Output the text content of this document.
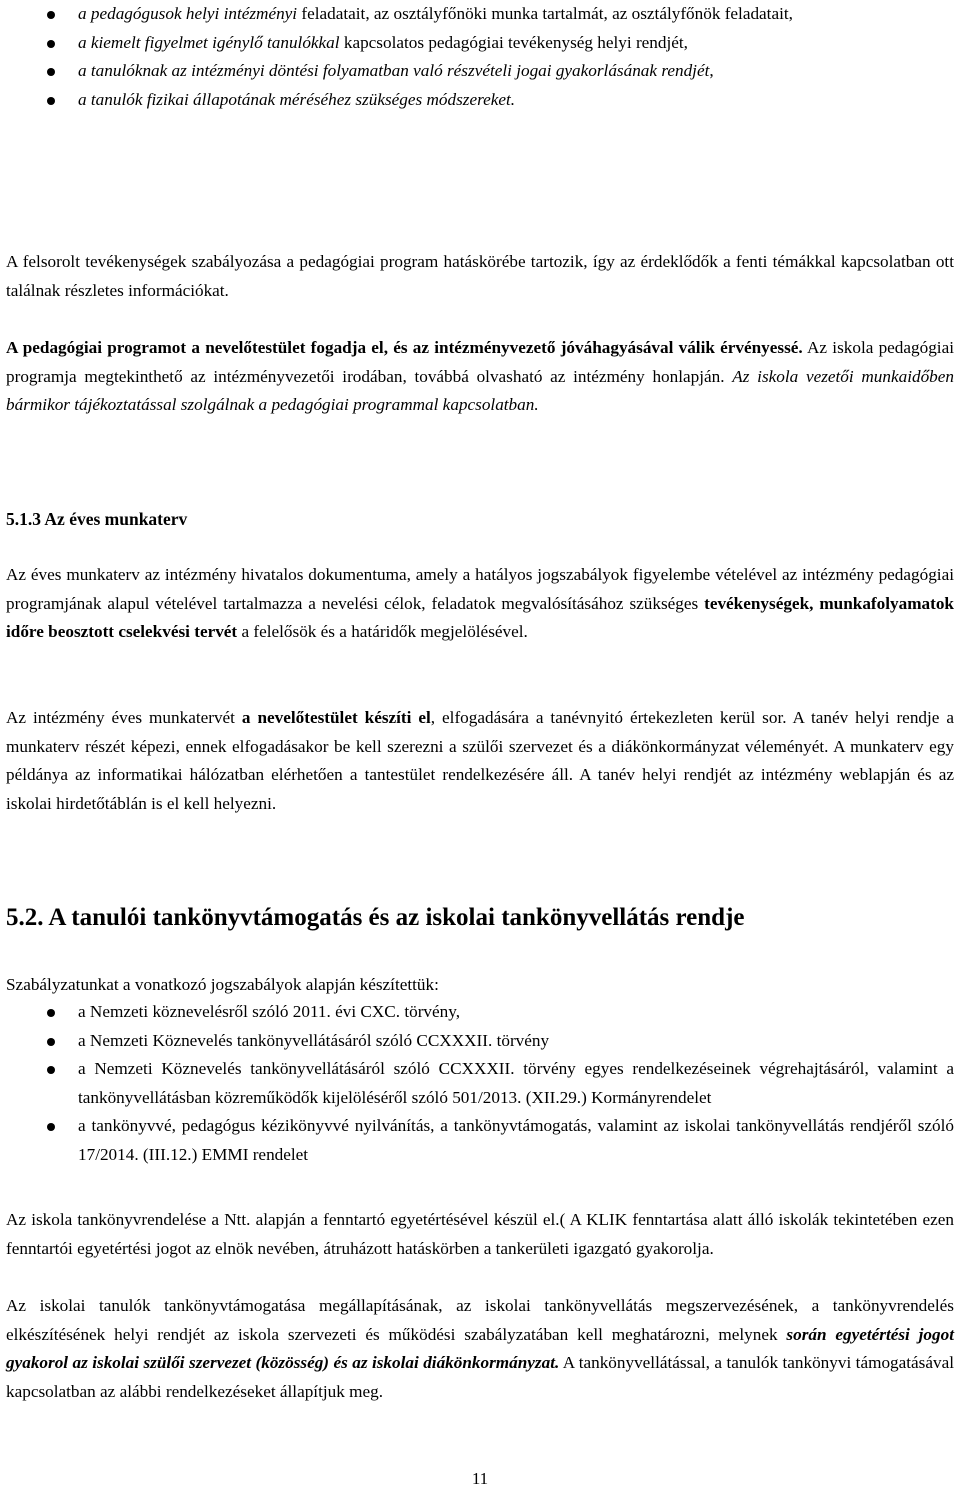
a pedagógusok helyi intézményi feladatait, az osztályfőnöki munka tartalmát, az osztályfőnök feladatait,
a kiemelt figyelmet igénylő tanulókkal kapcsolatos pedagógiai tevékenység helyi rendjét,
a tanulóknak az intézményi döntési folyamatban való részvételi jogai gyakorlásának rendjét,
a tanulók fizikai állapotának méréséhez szükséges módszereket.

A felsorolt tevékenységek szabályozása a pedagógiai program hatáskörébe tartozik, így az érdeklődők a fenti témákkal kapcsolatban ott találnak részletes információkat.

A pedagógiai programot a nevelőtestület fogadja el, és az intézményvezető jóváhagyásával válik érvényessé. Az iskola pedagógiai programja megtekinthető az intézményvezetői irodában, továbbá olvasható az intézmény honlapján. Az iskola vezetői munkaidőben bármikor tájékoztatással szolgálnak a pedagógiai programmal kapcsolatban.

5.1.3 Az éves munkaterv

Az éves munkaterv az intézmény hivatalos dokumentuma, amely a hatályos jogszabályok figyelembe vételével az intézmény pedagógiai programjának alapul vételével tartalmazza a nevelési célok, feladatok megvalósításához szükséges tevékenységek, munkafolyamatok időre beosztott cselekvési tervét a felelősök és a határidők megjelölésével.

Az intézmény éves munkatervét a nevelőtestület készíti el, elfogadására a tanévnyitó értekezleten kerül sor. A tanév helyi rendje a munkaterv részét képezi, ennek elfogadásakor be kell szerezni a szülői szervezet és a diákönkormányzat véleményét. A munkaterv egy példánya az informatikai hálózatban elérhetően a tantestület rendelkezésére áll. A tanév helyi rendjét az intézmény weblapján és az iskolai hirdetőtáblán is el kell helyezni.

5.2. A tanulói tankönyvtámogatás és az iskolai tankönyvellátás rendje
Szabályzatunkat a vonatkozó jogszabályok alapján készítettük:
a Nemzeti köznevelésről szóló 2011. évi CXC. törvény,
a Nemzeti Köznevelés tankönyvellátásáról szóló CCXXXII. törvény
a Nemzeti Köznevelés tankönyvellátásáról szóló CCXXXII. törvény egyes rendelkezéseinek végrehajtásáról, valamint a tankönyvellátásban közreműködők kijelöléséről szóló 501/2013. (XII.29.) Kormányrendelet
a tankönyvvé, pedagógus kézikönyvvé nyilvánítás, a tankönyvtámogatás, valamint az iskolai tankönyvellátás rendjéről szóló 17/2014. (III.12.) EMMI rendelet
Az iskola tankönyvrendelése a Ntt. alapján a fenntartó egyetértésével készül el.( A KLIK fenntartása alatt álló iskolák tekintetében ezen fenntartói egyetértési jogot az elnök nevében, átruházott hatáskörben a tankerületi igazgató gyakorolja.

Az iskolai tanulók tankönyvtámogatása megállapításának, az iskolai tankönyvellátás megszervezésének, a tankönyvrendelés elkészítésének helyi rendjét az iskola szervezeti és működési szabályzatában kell meghatározni, melynek során egyetértési jogot gyakorol az iskolai szülői szervezet (közösség) és az iskolai diákönkormányzat. A tankönyvellátással, a tanulók tankönyvi támogatásával kapcsolatban az alábbi rendelkezéseket állapítjuk meg.

11
